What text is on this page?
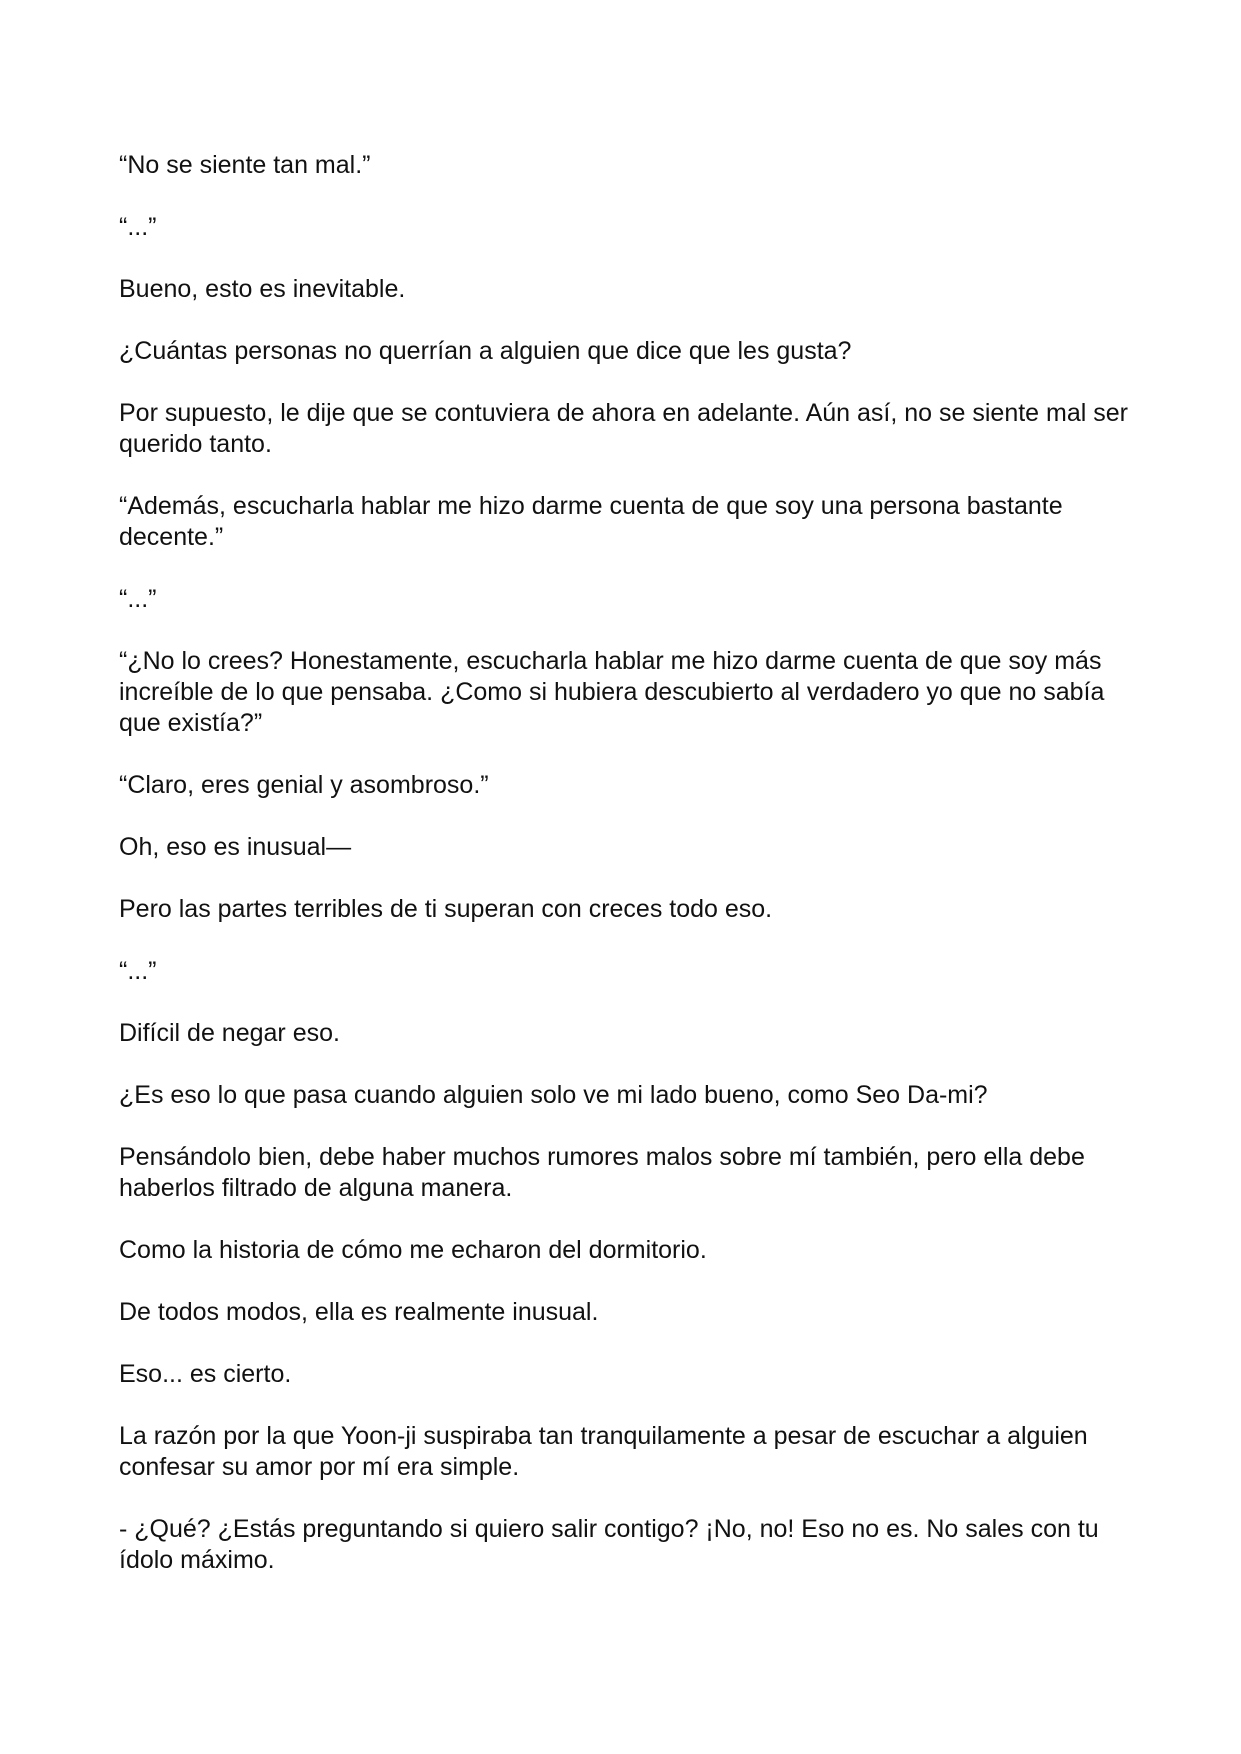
“No se siente tan mal.”

“...”

Bueno, esto es inevitable.

¿Cuántas personas no querrían a alguien que dice que les gusta?

Por supuesto, le dije que se contuviera de ahora en adelante. Aún así, no se siente mal ser querido tanto.

“Además, escucharla hablar me hizo darme cuenta de que soy una persona bastante decente.”

“...”

“¿No lo crees? Honestamente, escucharla hablar me hizo darme cuenta de que soy más increíble de lo que pensaba. ¿Como si hubiera descubierto al verdadero yo que no sabía que existía?”

“Claro, eres genial y asombroso.”

Oh, eso es inusual—

Pero las partes terribles de ti superan con creces todo eso.

“...”

Difícil de negar eso.

¿Es eso lo que pasa cuando alguien solo ve mi lado bueno, como Seo Da-mi?

Pensándolo bien, debe haber muchos rumores malos sobre mí también, pero ella debe haberlos filtrado de alguna manera.

Como la historia de cómo me echaron del dormitorio.

De todos modos, ella es realmente inusual.

Eso... es cierto.

La razón por la que Yoon-ji suspiraba tan tranquilamente a pesar de escuchar a alguien confesar su amor por mí era simple.

- ¿Qué? ¿Estás preguntando si quiero salir contigo? ¡No, no! Eso no es. No sales con tu ídolo máximo.
